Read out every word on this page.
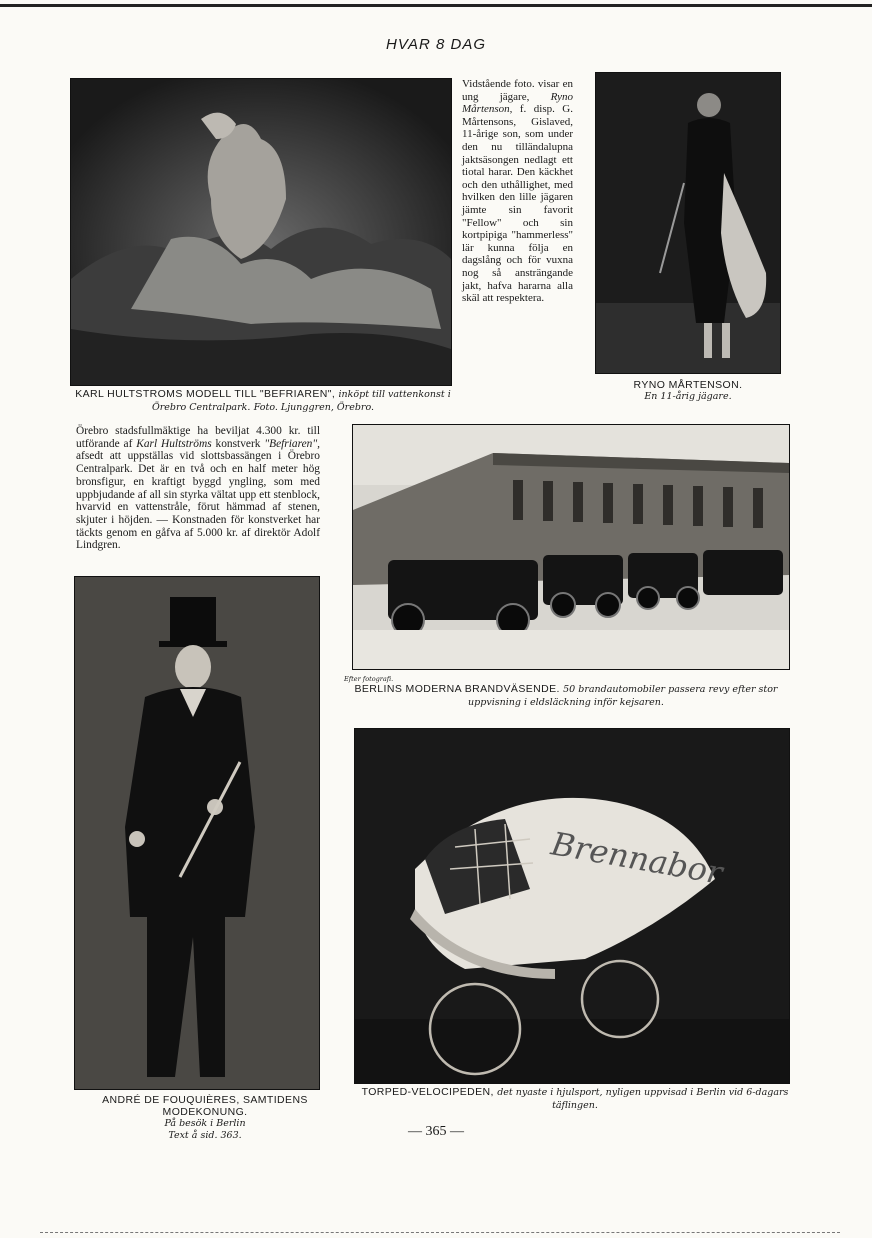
HVAR 8 DAG
Vidstående foto. visar en ung jägare, Ryno Mårtenson, f. disp. G. Mårtensons, Gislaved, 11-årige son, som under den nu tilländalupna jaktsäsongen nedlagt ett tiotal harar. Den käckhet och den uthållighet, med hvilken den lille jägaren jämte sin favorit "Fellow" och sin kortpipiga "hammerless" lär kunna följa en dagslång och för vuxna nog så ansträngande jakt, hafva hararna alla skäl att respektera.
KARL HULTSTROMS MODELL TILL "BEFRIAREN", inköpt till vattenkonst i Örebro Centralpark. Foto. Ljunggren, Örebro.
RYNO MÅRTENSON.
En 11-årig jägare.
Örebro stadsfullmäktige ha beviljat 4.300 kr. till utförande af Karl Hultströms konstverk "Befriaren", afsedt att uppställas vid slottsbassängen i Örebro Centralpark. Det är en två och en half meter hög bronsfigur, en kraftigt byggd yngling, som med uppbjudande af all sin styrka vältat upp ett stenblock, hvarvid en vattenstråle, förut hämmad af stenen, skjuter i höjden. — Konstnaden för konstverket har täckts genom en gåfva af 5.000 kr. af direktör Adolf Lindgren.
Efter fotografi.
BERLINS MODERNA BRANDVÄSENDE. 50 brandautomobiler passera revy efter stor uppvisning i eldsläckning inför kejsaren.
ANDRÉ DE FOUQUIÈRES, SAMTIDENS MODEKONUNG.
På besök i Berlin
Text å sid. 363.
Brennabor
TORPED-VELOCIPEDEN, det nyaste i hjulsport, nyligen uppvisad i Berlin vid 6-dagars täflingen.
— 365 —
